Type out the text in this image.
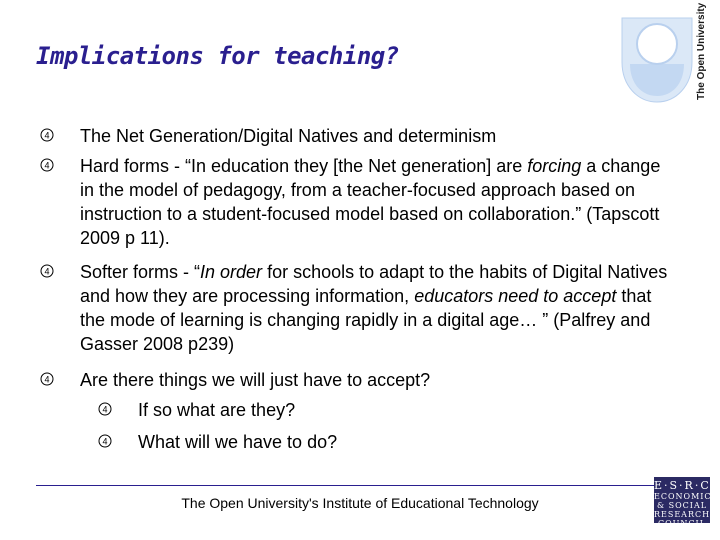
Implications for teaching?	The Open University
4 The Net Generation/Digital Natives and determinism
4 Hard forms - “In education they [the Net generation] are forcing a change in the model of pedagogy, from a teacher-focused approach based on instruction to a student-focused model based on collaboration.” (Tapscott 2009 p 11).
4 Softer forms - “In order for schools to adapt to the habits of Digital Natives and how they are processing information, educators need to accept that the mode of learning is changing rapidly in a digital age… ” (Palfrey and Gasser 2008 p239)
4 Are there things we will just have to accept?
4 If so what are they?
4 What will we have to do?
The Open University's Institute of Educational Technology
E·S·R·C
ECONOMIC
& SOCIAL
RESEARCH
COUNCIL
